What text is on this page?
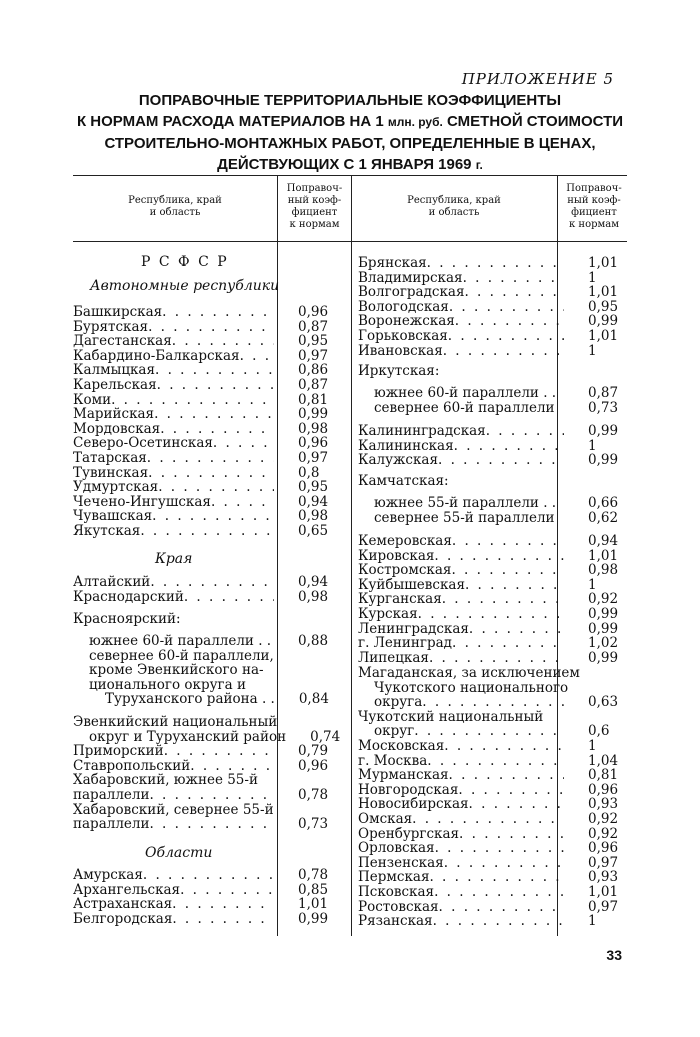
ПРИЛОЖЕНИЕ 5
ПОПРАВОЧНЫЕ ТЕРРИТОРИАЛЬНЫЕ КОЭФФИЦИЕНТЫ
К НОРМАМ РАСХОДА МАТЕРИАЛОВ НА 1 млн. руб. СМЕТНОЙ СТОИМОСТИ
СТРОИТЕЛЬНО-МОНТАЖНЫХ РАБОТ, ОПРЕДЕЛЕННЫЕ В ЦЕНАХ,
ДЕЙСТВУЮЩИХ С 1 ЯНВАРЯ 1969 г.
Республика, край
и область
Поправоч-
ный коэф-
фициент
к нормам
Республика, край
и область
Поправоч-
ный коэф-
фициент
к нормам
Р С Ф С Р
Автономные республики
Башкирская . . .	0,96
Бурятская . . .	0,87
Дагестанская . . .	0,95
Кабардино-Балкарская . . .	0,97
Калмыцкая . . .	0,86
Карельская . . .	0,87
Коми . . .	0,81
Марийская . . .	0,99
Мордовская . . .	0,98
Северо-Осетинская . . .	0,96
Татарская . . .	0,97
Тувинская . . .	0,8
Удмуртская . . .	0,95
Чечено-Ингушская . . .	0,94
Чувашская . . .	0,98
Якутская . . .	0,65
Края
Алтайский . . .	0,94
Краснодарский . . .	0,98
Красноярский:
южнее 60-й параллели . .	0,88
севернее 60-й параллели,
кроме Эвенкийского на-
ционального округа и
Туруханского района . .	0,84
Эвенкийский национальный
округ и Туруханский район	0,74
Приморский . . .	0,79
Ставропольский . . .	0,96
Хабаровский, южнее 55-й
параллели . . .	0,78
Хабаровский, севернее 55-й
параллели . . .	0,73
Области
Амурская . . .	0,78
Архангельская . . .	0,85
Астраханская . . .	1,01
Белгородская . . .	0,99
Брянская . . .	1,01
Владимирская . . .	1
Волгоградская . . .	1,01
Вологодская . . .	0,95
Воронежская . . .	0,99
Горьковская . . .	1,01
Ивановская . . .	1
Иркутская:
южнее 60-й параллели . .	0,87
севернее 60-й параллели	0,73
Калининградская . . .	0,99
Калининская . . .	1
Калужская . . .	0,99
Камчатская:
южнее 55-й параллели . .	0,66
севернее 55-й параллели	0,62
Кемеровская . . .	0,94
Кировская . . .	1,01
Костромская . . .	0,98
Куйбышевская . . .	1
Курганская . . .	0,92
Курская . . .	0,99
Ленинградская . . .	0,99
г. Ленинград . . .	1,02
Липецкая . . .	0,99
Магаданская, за исключением
Чукотского национального
округа . . .	0,63
Чукотский национальный
округ . . .	0,6
Московская . . .	1
г. Москва . . .	1,04
Мурманская . . .	0,81
Новгородская . . .	0,96
Новосибирская . . .	0,93
Омская . . .	0,92
Оренбургская . . .	0,92
Орловская . . .	0,96
Пензенская . . .	0,97
Пермская . . .	0,93
Псковская . . .	1,01
Ростовская . . .	0,97
Рязанская . . .	1
33
